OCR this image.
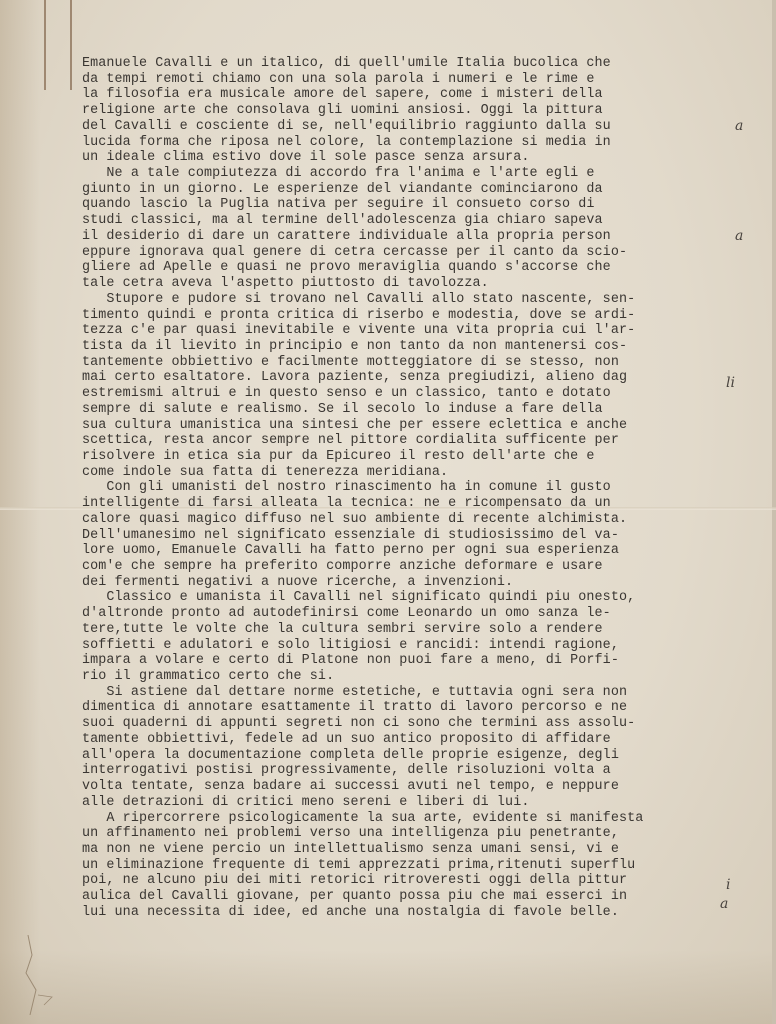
Emanuele Cavalli e un italico, di quell'umile Italia bucolica che
da tempi remoti chiamo con una sola parola i numeri e le rime e
la filosofia era musicale amore del sapere, come i misteri della
religione arte che consolava gli uomini ansiosi. Oggi la pittura
del Cavalli e cosciente di se, nell'equilibrio raggiunto dalla su
lucida forma che riposa nel colore, la contemplazione si media in
un ideale clima estivo dove il sole pasce senza arsura.
Ne a tale compiutezza di accordo fra l'anima e l'arte egli e
giunto in un giorno. Le esperienze del viandante cominciarono da
quando lascio la Puglia nativa per seguire il consueto corso di
studi classici, ma al termine dell'adolescenza gia chiaro sapeva
il desiderio di dare un carattere individuale alla propria person
eppure ignorava qual genere di cetra cercasse per il canto da scio-
gliere ad Apelle e quasi ne provo meraviglia quando s'accorse che
tale cetra aveva l'aspetto piuttosto di tavolozza.
Stupore e pudore si trovano nel Cavalli allo stato nascente, sen-
timento quindi e pronta critica di riserbo e modestia, dove se ardi-
tezza c'e par quasi inevitabile e vivente una vita propria cui l'ar-
tista da il lievito in principio e non tanto da non mantenersi cos-
tantemente obbiettivo e facilmente motteggiatore di se stesso, non
mai certo esaltatore. Lavora paziente, senza pregiudizi, alieno dag
estremismi altrui e in questo senso e un classico, tanto e dotato
sempre di salute e realismo. Se il secolo lo induse a fare della
sua cultura umanistica una sintesi che per essere eclettica e anche
scettica, resta ancor sempre nel pittore cordialita sufficente per
risolvere in etica sia pur da Epicureo il resto dell'arte che e
come indole sua fatta di tenerezza meridiana.
Con gli umanisti del nostro rinascimento ha in comune il gusto
intelligente di farsi alleata la tecnica: ne e ricompensato da un
calore quasi magico diffuso nel suo ambiente di recente alchimista.
Dell'umanesimo nel significato essenziale di studiosissimo del va-
lore uomo, Emanuele Cavalli ha fatto perno per ogni sua esperienza
com'e che sempre ha preferito comporre anziche deformare e usare
dei fermenti negativi a nuove ricerche, a invenzioni.
Classico e umanista il Cavalli nel significato quindi piu onesto,
d'altronde pronto ad autodefinirsi come Leonardo un omo sanza le-
tere,tutte le volte che la cultura sembri servire solo a rendere
soffietti e adulatori e solo litigiosi e rancidi: intendi ragione,
impara a volare e certo di Platone non puoi fare a meno, di Porfi-
rio il grammatico certo che si.
Si astiene dal dettare norme estetiche, e tuttavia ogni sera non
dimentica di annotare esattamente il tratto di lavoro percorso e ne
suoi quaderni di appunti segreti non ci sono che termini ass assolu-
tamente obbiettivi, fedele ad un suo antico proposito di affidare
all'opera la documentazione completa delle proprie esigenze, degli
interrogativi postisi progressivamente, delle risoluzioni volta a
volta tentate, senza badare ai successi avuti nel tempo, e neppure
alle detrazioni di critici meno sereni e liberi di lui.
A ripercorrere psicologicamente la sua arte, evidente si manifesta
un affinamento nei problemi verso una intelligenza piu penetrante,
ma non ne viene percio un intellettualismo senza umani sensi, vi e
un eliminazione frequente di temi apprezzati prima,ritenuti superflu
poi, ne alcuno piu dei miti retorici ritroveresti oggi della pittur
aulica del Cavalli giovane, per quanto possa piu che mai esserci in
lui una necessita di idee, ed anche una nostalgia di favole belle.
a
a
li
i
a
